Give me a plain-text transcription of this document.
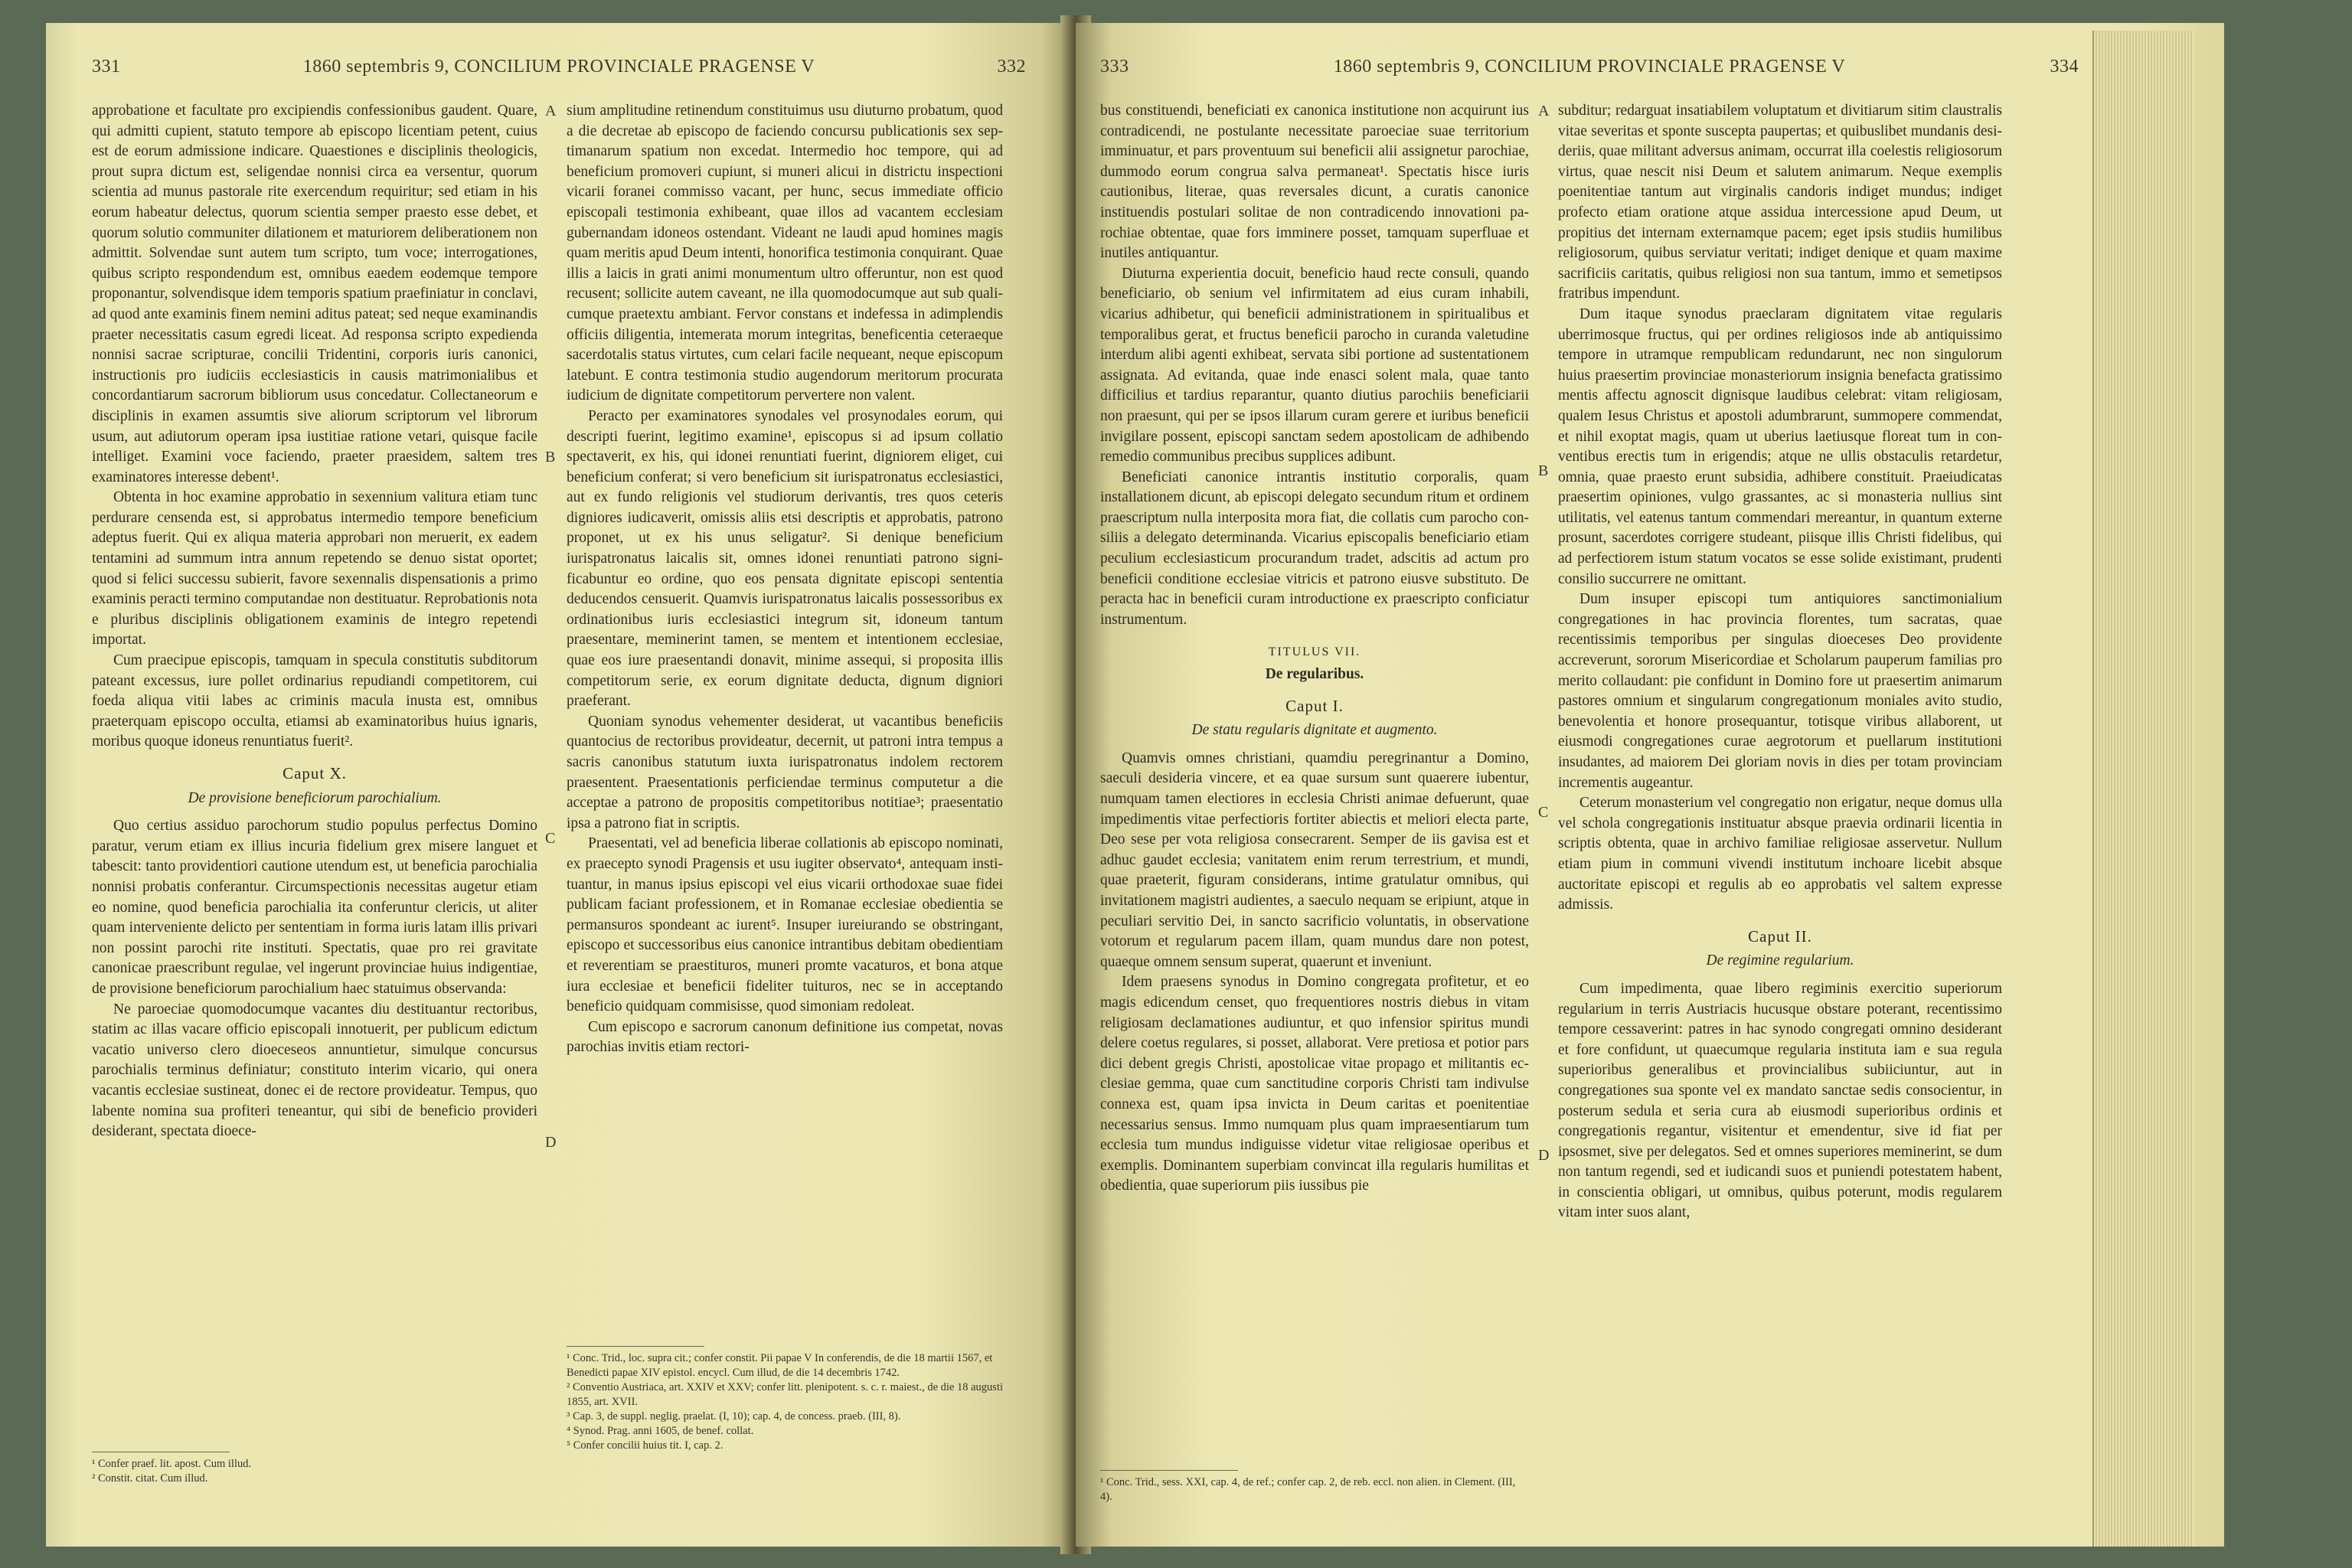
331	1860 septembris 9, CONCILIUM PROVINCIALE PRAGENSE V	332
A
B
C
D

approbatione et facultate pro excipiendis confessionibus gaudent. Quare, qui admitti cupient, statuto tempore ab episcopo licentiam petent, cuius est de eorum admissione indicare. Quaestiones e disciplinis theologicis, prout supra dictum est, seligendae nonnisi circa ea versentur, quorum scientia ad munus pastorale rite exercendum requiritur; sed etiam in his eorum habeatur delectus, quorum scientia semper praesto esse debet, et quorum solutio communiter dilationem et maturiorem deliberationem non admittit. Solvendae sunt autem tum scripto, tum voce; interrogationes, quibus scripto respondendum est, omnibus eaedem eodemque tempore proponantur, solvendisque idem temporis spatium praefiniatur in conclavi, ad quod ante examinis finem nemini aditus pateat; sed neque examinandis praeter necessitatis casum egredi liceat. Ad responsa scripto expedienda nonnisi sacrae scripturae, concilii Tridentini, corporis iuris canonici, instructionis pro iudiciis ecclesiasticis in causis matrimonialibus et concordantiarum sacrorum bibliorum usus concedatur. Collectaneorum e disciplinis in examen assumtis sive aliorum scriptorum vel librorum usum, aut adiutorum operam ipsa iustitiae ratione vetari, quisque facile intelliget. Examini voce faciendo, praeter praesidem, saltem tres examinatores interesse debent¹.

Obtenta in hoc examine approbatio in sexennium valitura etiam tunc perdurare censenda est, si approbatus intermedio tempore beneficium adeptus fuerit. Qui ex aliqua materia approbari non meruerit, ex eadem tentamini ad summum intra annum repetendo se denuo sistat oportet; quod si felici successu subierit, favore sexennalis dispensationis a primo examinis peracti termino computandae non destituatur. Reprobationis nota e pluribus disciplinis obligationem examinis de integro repetendi importat.

Cum praecipue episcopis, tamquam in specula constitutis subditorum pateant excessus, iure pollet ordinarius repudiandi competitorem, cui foeda aliqua vitii labes ac criminis macula inusta est, omnibus praeterquam episcopo occulta, etiamsi ab examinatoribus huius ignaris, moribus quoque idoneus renuntiatus fuerit².

Caput X.
De provisione beneficiorum parochialium.

Quo certius assiduo parochorum studio populus perfectus Domino paratur, verum etiam ex illius incuria fidelium grex misere languet et tabescit: tanto providentiori cautione utendum est, ut beneficia parochialia nonnisi probatis conferantur. Circumspectionis necessitas augetur etiam eo nomine, quod beneficia parochialia ita conferuntur clericis, ut aliter quam interveniente delicto per sententiam in forma iuris latam illis privari non possint parochi rite instituti. Spectatis, quae pro rei gravitate canonicae praescribunt regulae, vel ingerunt provinciae huius indigentiae, de provisione beneficiorum parochialium haec statuimus observanda:

Ne paroeciae quomodocumque vacantes diu destituantur rectoribus, statim ac illas vacare officio episcopali innotuerit, per publicum edictum vacatio universo clero dioeceseos annuntietur, simulque concursus parochialis terminus definiatur; constituto interim vicario, qui onera vacantis ecclesiae sustineat, donec ei de rectore provideatur. Tempus, quo labente nomina sua profiteri teneantur, qui sibi de beneficio provideri desiderant, spectata dioece-

¹ Confer praef. lit. apost. Cum illud.
² Constit. citat. Cum illud.

sium amplitudine retinendum constituimus usu diuturno probatum, quod a die decretae ab episcopo de faciendo concursu publicationis sex septimanarum spatium non excedat. Intermedio hoc tempore, qui ad beneficium promoveri cupiunt, si muneri alicui in districtu inspectioni vicarii foranei commisso vacant, per hunc, secus immediate officio episcopali testimonia exhibeant, quae illos ad vacantem ecclesiam gubernandam idoneos ostendant. Videant ne laudi apud homines magis quam meritis apud Deum intenti, honorifica testimonia conquirant. Quae illis a laicis in grati animi monumentum ultro offeruntur, non est quod recusent; sollicite autem caveant, ne illa quomodocumque aut sub qualicumque praetextu ambiant. Fervor constans et indefessa in adimplendis officiis diligentia, intemerata morum integritas, beneficentia ceteraeque sacerdotalis status virtutes, cum celari facile nequeant, neque episcopum latebunt. E contra testimonia studio augendorum meritorum procurata iudicium de dignitate competitorum pervertere non valent.

Peracto per examinatores synodales vel prosynodales eorum, qui descripti fuerint, legitimo examine¹, episcopus si ad ipsum collatio spectaverit, ex his, qui idonei renuntiati fuerint, digniorem eliget, cui beneficium conferat; si vero beneficium sit iurispatronatus ecclesiastici, aut ex fundo religionis vel studiorum derivantis, tres quos ceteris digniores iudicaverit, omissis aliis etsi descriptis et approbatis, patrono proponet, ut ex his unus seligatur². Si denique beneficium iurispatronatus laicalis sit, omnes idonei renuntiati patrono significabuntur eo ordine, quo eos pensata dignitate episcopi sententia deducendos censuerit. Quamvis iurispatronatus laicalis possessoribus ex ordinationibus iuris ecclesiastici integrum sit, idoneum tantum praesentare, meminerint tamen, se mentem et intentionem ecclesiae, quae eos iure praesentandi donavit, minime assequi, si proposita illis competitorum serie, ex eorum dignitate deducta, dignum digniori praeferant.

Quoniam synodus vehementer desiderat, ut vacantibus beneficiis quantocius de rectoribus provideatur, decernit, ut patroni intra tempus a sacris canonibus statutum iuxta iurispatronatus indolem rectorem praesentent. Praesentationis perficiendae terminus computetur a die acceptae a patrono de propositis competitoribus notitiae³; praesentatio ipsa a patrono fiat in scriptis.

Praesentati, vel ad beneficia liberae collationis ab episcopo nominati, ex praecepto synodi Pragensis et usu iugiter observato⁴, antequam instituantur, in manus ipsius episcopi vel eius vicarii orthodoxae suae fidei publicam faciant professionem, et in Romanae ecclesiae obedientia se permansuros spondeant ac iurent⁵. Insuper iureiurando se obstringant, episcopo et successoribus eius canonice intrantibus debitam obedientiam et reverentiam se praestituros, muneri promte vacaturos, et bona atque iura ecclesiae et beneficii fideliter tuituros, nec se in acceptando beneficio quidquam commisisse, quod simoniam redoleat.

Cum episcopo e sacrorum canonum definitione ius competat, novas parochias invitis etiam rectori-

¹ Conc. Trid., loc. supra cit.; confer constit. Pii papae V In conferendis, de die 18 martii 1567, et Benedicti papae XIV epistol. encycl. Cum illud, de die 14 decembris 1742.
² Conventio Austriaca, art. XXIV et XXV; confer litt. plenipotent. s. c. r. maiest., de die 18 augusti 1855, art. XVII.
³ Cap. 3, de suppl. neglig. praelat. (I, 10); cap. 4, de concess. praeb. (III, 8).
⁴ Synod. Prag. anni 1605, de benef. collat.
⁵ Confer concilii huius tit. I, cap. 2.
333	1860 septembris 9, CONCILIUM PROVINCIALE PRAGENSE V	334
A
B
C
D

bus constituendi, beneficiati ex canonica institutione non acquirunt ius contradicendi, ne postulante necessitate paroeciae suae territorium imminuatur, et pars proventuum sui beneficii alii assignetur parochiae, dummodo eorum congrua salva permaneat¹. Spectatis hisce iuris cautionibus, literae, quas reversales dicunt, a curatis canonice instituendis postulari solitae de non contradicendo innovationi parochiae obtentae, quae fors imminere posset, tamquam superfluae et inutiles antiquantur.

Diuturna experientia docuit, beneficio haud recte consuli, quando beneficiario, ob senium vel infirmitatem ad eius curam inhabili, vicarius adhibetur, qui beneficii administrationem in spiritualibus et temporalibus gerat, et fructus beneficii parocho in curanda valetudine interdum alibi agenti exhibeat, servata sibi portione ad sustentationem assignata. Ad evitanda, quae inde enasci solent mala, quae tanto difficilius et tardius reparantur, quanto diutius parochiis beneficiarii non praesunt, qui per se ipsos illarum curam gerere et iuribus beneficii invigilare possent, episcopi sanctam sedem apostolicam de adhibendo remedio communibus precibus supplices adibunt.

Beneficiati canonice intrantis institutio corporalis, quam installationem dicunt, ab episcopi delegato secundum ritum et ordinem praescriptum nulla interposita mora fiat, die collatis cum parocho consiliis a delegato determinanda. Vicarius episcopalis beneficiario etiam peculium ecclesiasticum procurandum tradet, adscitis ad actum pro beneficii conditione ecclesiae vitricis et patrono eiusve substituto. De peracta hac in beneficii curam introductione ex praescripto conficiatur instrumentum.

TITULUS VII.
De regularibus.
Caput I.
De statu regularis dignitate et augmento.

Quamvis omnes christiani, quamdiu peregrinantur a Domino, saeculi desideria vincere, et ea quae sursum sunt quaerere iubentur, numquam tamen electiores in ecclesia Christi animae defuerunt, quae impedimentis vitae perfectioris fortiter abiectis et meliori electa parte, Deo sese per vota religiosa consecrarent. Semper de iis gavisa est et adhuc gaudet ecclesia; vanitatem enim rerum terrestrium, et mundi, quae praeterit, figuram considerans, intime gratulatur omnibus, qui invitationem magistri audientes, a saeculo nequam se eripiunt, atque in peculiari servitio Dei, in sancto sacrificio voluntatis, in observatione votorum et regularum pacem illam, quam mundus dare non potest, quaeque omnem sensum superat, quaerunt et inveniunt.

Idem praesens synodus in Domino congregata profitetur, et eo magis edicendum censet, quo frequentiores nostris diebus in vitam religiosam declamationes audiuntur, et quo infensior spiritus mundi delere coetus regulares, si posset, allaborat. Vere pretiosa et potior pars dici debent gregis Christi, apostolicae vitae propago et militantis ecclesiae gemma, quae cum sanctitudine corporis Christi tam indivulse connexa est, quam ipsa invicta in Deum caritas et poenitentiae necessarius sensus. Immo numquam plus quam impraesentiarum tum ecclesia tum mundus indiguisse videtur vitae religiosae operibus et exemplis. Dominantem superbiam convincat illa regularis humilitas et obedientia, quae superiorum piis iussibus pie

¹ Conc. Trid., sess. XXI, cap. 4, de ref.; confer cap. 2, de reb. eccl. non alien. in Clement. (III, 4).

subditur; redarguat insatiabilem voluptatum et divitiarum sitim claustralis vitae severitas et sponte suscepta paupertas; et quibuslibet mundanis desideriis, quae militant adversus animam, occurrat illa coelestis religiosorum virtus, quae nescit nisi Deum et salutem animarum. Neque exemplis poenitentiae tantum aut virginalis candoris indiget mundus; indiget profecto etiam oratione atque assidua intercessione apud Deum, ut propitius det internam externamque pacem; eget ipsis studiis humilibus religiosorum, quibus serviatur veritati; indiget denique et quam maxime sacrificiis caritatis, quibus religiosi non sua tantum, immo et semetipsos fratribus impendunt.

Dum itaque synodus praeclaram dignitatem vitae regularis uberrimosque fructus, qui per ordines religiosos inde ab antiquissimo tempore in utramque rempublicam redundarunt, nec non singulorum huius praesertim provinciae monasteriorum insignia benefacta gratissimo mentis affectu agnoscit dignisque laudibus celebrat: vitam religiosam, qualem Iesus Christus et apostoli adumbrarunt, summopere commendat, et nihil exoptat magis, quam ut uberius laetiusque floreat tum in conventibus erectis tum in erigendis; atque ne ullis obstaculis retardetur, omnia, quae praesto erunt subsidia, adhibere constituit. Praeiudicatas praesertim opiniones, vulgo grassantes, ac si monasteria nullius sint utilitatis, vel eatenus tantum commendari mereantur, in quantum externe prosunt, sacerdotes corrigere studeant, piisque illis Christi fidelibus, qui ad perfectiorem istum statum vocatos se esse solide existimant, prudenti consilio succurrere ne omittant.

Dum insuper episcopi tum antiquiores sanctimonialium congregationes in hac provincia florentes, tum sacratas, quae recentissimis temporibus per singulas dioeceses Deo providente accreverunt, sororum Misericordiae et Scholarum pauperum familias pro merito collaudant: pie confidunt in Domino fore ut praesertim animarum pastores omnium et singularum congregationum moniales avito studio, benevolentia et honore prosequantur, totisque viribus allaborent, ut eiusmodi congregationes curae aegrotorum et puellarum institutioni insudantes, ad maiorem Dei gloriam novis in dies per totam provinciam incrementis augeantur.

Ceterum monasterium vel congregatio non erigatur, neque domus ulla vel schola congregationis instituatur absque praevia ordinarii licentia in scriptis obtenta, quae in archivo familiae religiosae asservetur. Nullum etiam pium in communi vivendi institutum inchoare licebit absque auctoritate episcopi et regulis ab eo approbatis vel saltem expresse admissis.

Caput II.
De regimine regularium.

Cum impedimenta, quae libero regiminis exercitio superiorum regularium in terris Austriacis hucusque obstare poterant, recentissimo tempore cessaverint: patres in hac synodo congregati omnino desiderant et fore confidunt, ut quaecumque regularia instituta iam e sua regula superioribus generalibus et provincialibus subiiciuntur, aut in congregationes sua sponte vel ex mandato sanctae sedis consocientur, in posterum sedula et seria cura ab eiusmodi superioribus ordinis et congregationis regantur, visitentur et emendentur, sive id fiat per ipsosmet, sive per delegatos. Sed et omnes superiores meminerint, se dum non tantum regendi, sed et iudicandi suos et puniendi potestatem habent, in conscientia obligari, ut omnibus, quibus poterunt, modis regularem vitam inter suos alant,
